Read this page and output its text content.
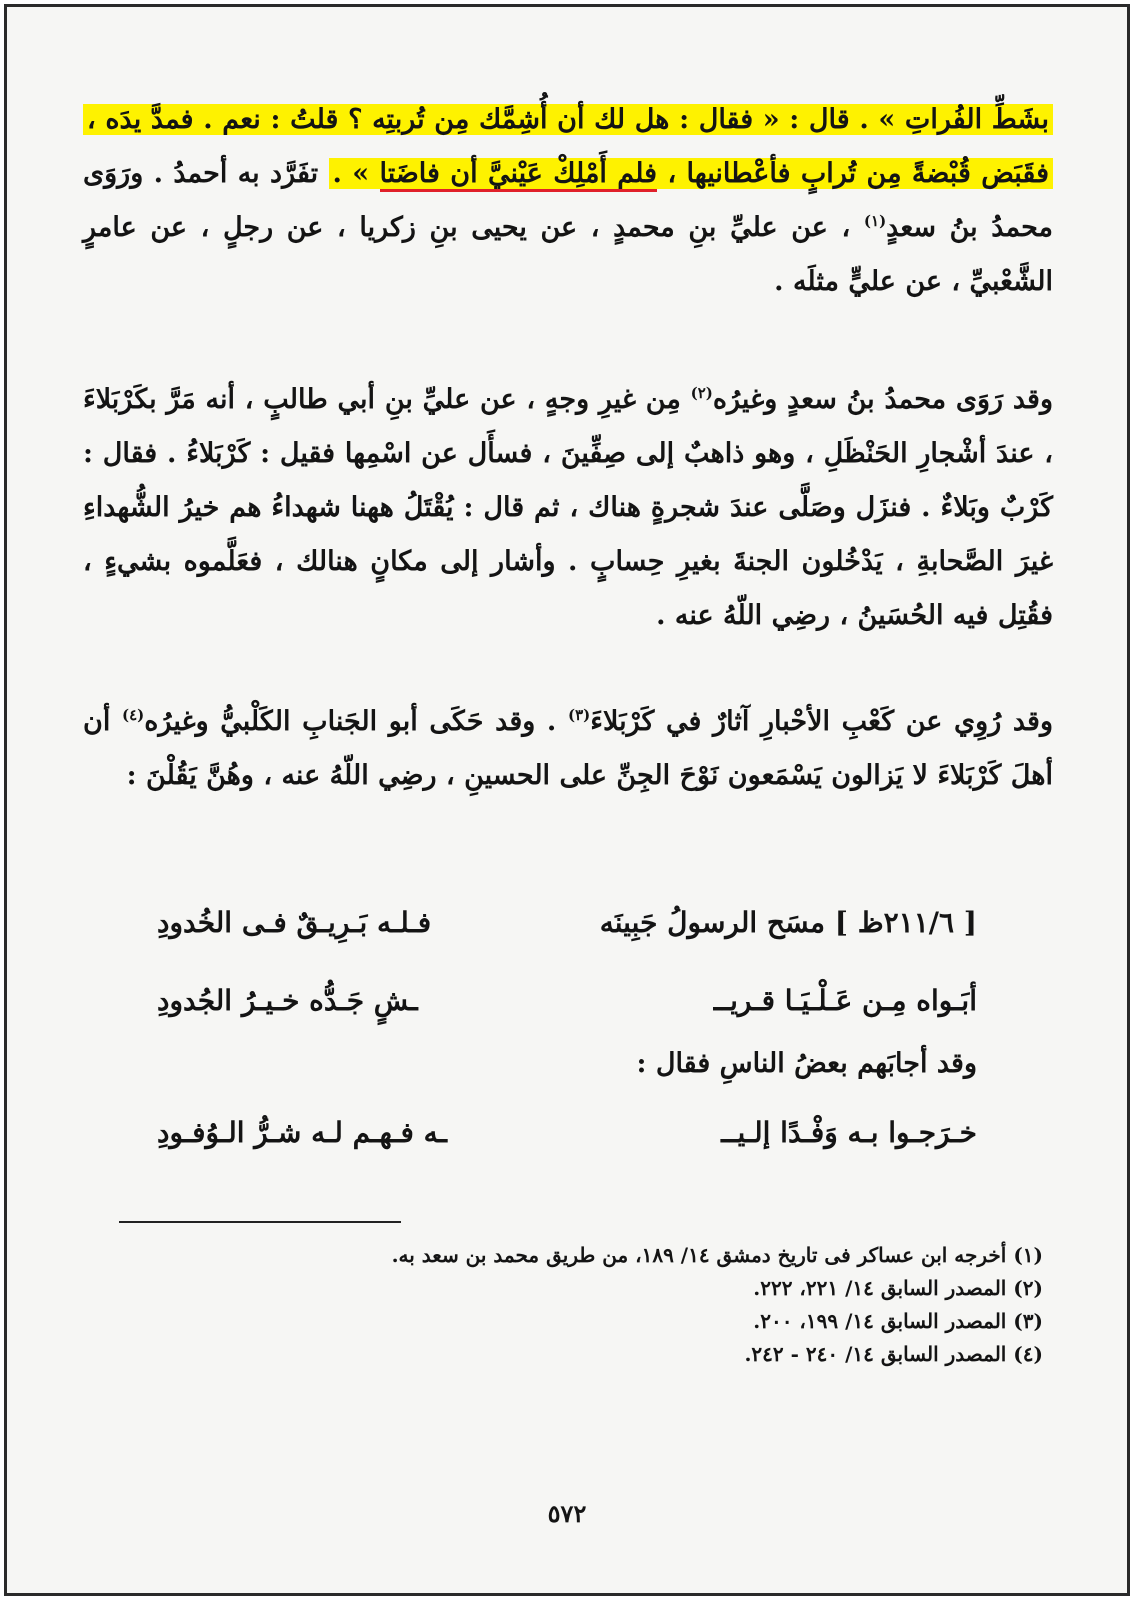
بشَطِّ الفُراتِ » . قال : « فقال : هل لك أن أُشِمَّك مِن تُربتِه ؟ قلتُ : نعم . فمدَّ يدَه ، فقَبَض قُبْضةً مِن تُرابٍ فأعْطانيها ، فلم أَمْلِكْ عَيْنيَّ أن فاضَتا » . تفَرَّد به أحمدُ . ورَوَى محمدُ بنُ سعدٍ$^{(١)}$ ، عن عليِّ بنِ محمدٍ ، عن يحيى بنِ زكريا ، عن رجلٍ ، عن عامرٍ الشَّعْبيِّ ، عن عليٍّ مثلَه .
وقد رَوَى محمدُ بنُ سعدٍ وغيرُه$^{(٢)}$ مِن غيرِ وجهٍ ، عن عليِّ بنِ أبي طالبٍ ، أنه مَرَّ بكَرْبَلاءَ ، عندَ أشْجارِ الحَنْظَلِ ، وهو ذاهبٌ إلى صِفِّينَ ، فسأَل عن اسْمِها فقيل : كَرْبَلاءُ . فقال : كَرْبٌ وبَلاءٌ . فنزَل وصَلَّى عندَ شجرةٍ هناك ، ثم قال : يُقْتَلُ ههنا شهداءُ هم خيرُ الشُّهداءِ غيرَ الصَّحابةِ ، يَدْخُلون الجنةَ بغيرِ حِسابٍ . وأشار إلى مكانٍ هنالك ، فعَلَّموه بشيءٍ ، فقُتِل فيه الحُسَينُ ، رضِي اللّهُ عنه .
وقد رُوِي عن كَعْبِ الأحْبارِ آثارٌ في كَرْبَلاءَ$^{(٣)}$ . وقد حَكَى أبو الجَنابِ الكَلْبيُّ وغيرُه$^{(٤)}$ أن أهلَ كَرْبَلاءَ لا يَزالون يَسْمَعون نَوْحَ الجِنِّ على الحسينِ ، رضِي اللّهُ عنه ، وهُنَّ يَقُلْنَ :
[ ٢١١/٦ظ ] مسَح الرسولُ جَبِينَه
فـلـه بَـرِيـقٌ فـى الخُدودِ
أبَـواه مِـن عَـلْـيَـا قـريــ
ـشٍ جَـدُّه خـيـرُ الجُدودِ
وقد أجابَهم بعضُ الناسِ فقال :
خـرَجـوا بـه وَفْـدًا إلـيــ
ـه فـهـم لـه شـرُّ الـوُفـودِ
(١) أخرجه ابن عساكر فى تاريخ دمشق ١٤/ ١٨٩، من طريق محمد بن سعد به.
(٢) المصدر السابق ١٤/ ٢٢١، ٢٢٢.
(٣) المصدر السابق ١٤/ ١٩٩، ٢٠٠.
(٤) المصدر السابق ١٤/ ٢٤٠ - ٢٤٢.
٥٧٢
